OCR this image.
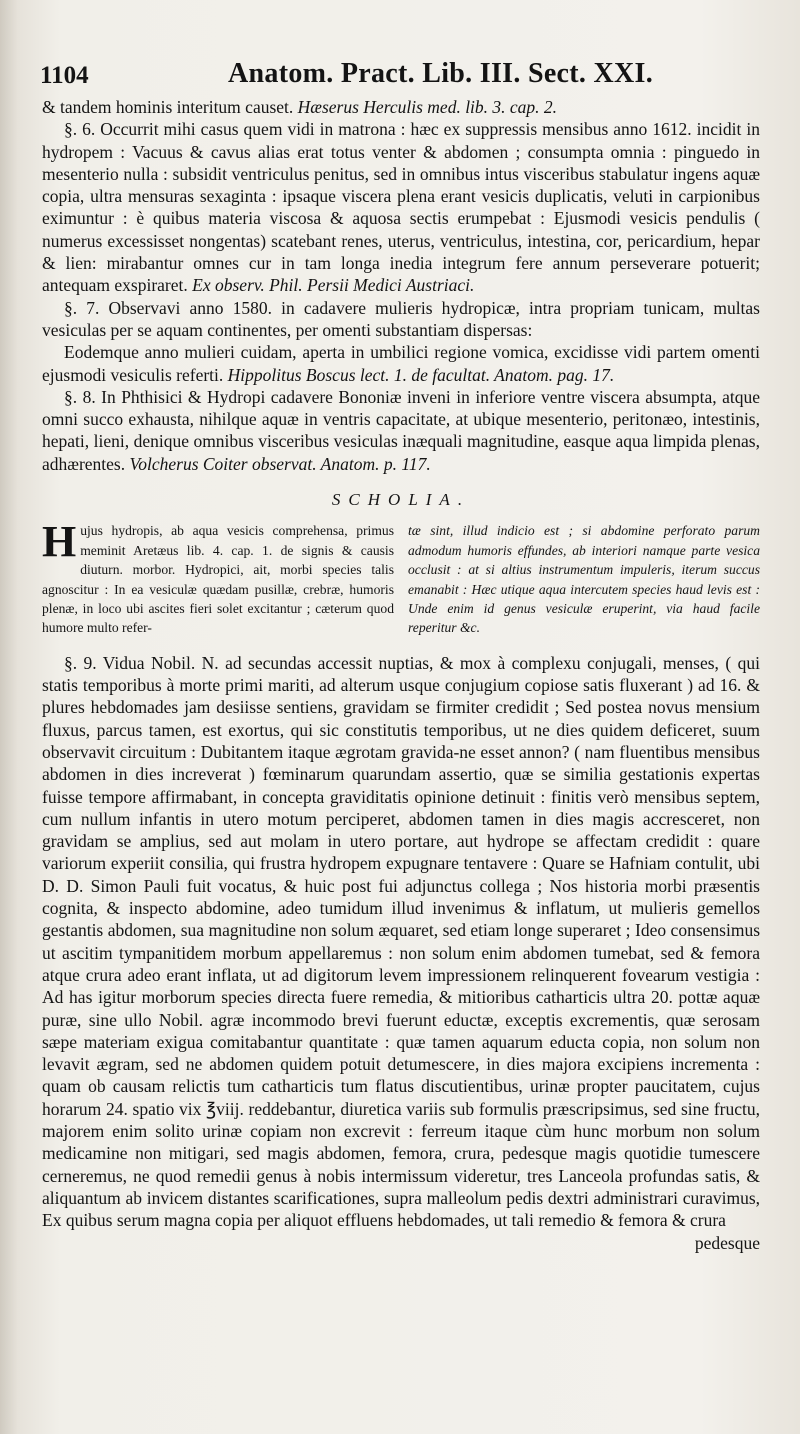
1104	Anatom. Pract. Lib. III. Sect. XXI.

& tandem hominis interitum causet. Hæserus Herculis med. lib. 3. cap. 2.

§. 6. Occurrit mihi casus quem vidi in matrona : hæc ex suppressis mensibus anno 1612. incidit in hydropem : Vacuus & cavus alias erat totus venter & abdomen ; consumpta omnia : pinguedo in mesenterio nulla : subsidit ventriculus penitus, sed in omnibus intus visceribus stabulatur ingens aquæ copia, ultra mensuras sexaginta : ipsaque viscera plena erant vesicis duplicatis, veluti in carpionibus eximuntur : è quibus materia viscosa & aquosa sectis erumpebat : Ejusmodi vesicis pendulis ( numerus excessisset nongentas) scatebant renes, uterus, ventriculus, intestina, cor, pericardium, hepar & lien: mirabantur omnes cur in tam longa inedia integrum fere annum perseverare potuerit; antequam exspiraret. Ex observ. Phil. Persii Medici Austriaci.

§. 7. Observavi anno 1580. in cadavere mulieris hydropicæ, intra propriam tunicam, multas vesiculas per se aquam continentes, per omenti substantiam dispersas:

Eodemque anno mulieri cuidam, aperta in umbilici regione vomica, excidisse vidi partem omenti ejusmodi vesiculis referti. Hippolitus Boscus lect. 1. de facultat. Anatom. pag. 17.

§. 8. In Phthisici & Hydropi cadavere Bononiæ inveni in inferiore ventre viscera absumpta, atque omni succo exhausta, nihilque aquæ in ventris capacitate, at ubique mesenterio, peritonæo, intestinis, hepati, lieni, denique omnibus visceribus vesiculas inæquali magnitudine, easque aqua limpida plenas, adhærentes. Volcherus Coiter observat. Anatom. p. 117.

SCHOLIA.
Hujus hydropis, ab aqua vesicis comprehensa, primus meminit Aretæus lib. 4. cap. 1. de signis & causis diuturn. morbor. Hydropici, ait, morbi species talis agnoscitur : In ea vesiculæ quædam pusillæ, crebræ, humoris plenæ, in loco ubi ascites fieri solet excitantur ; cæterum quod humore multo refer-
tæ sint, illud indicio est ; si abdomine perforato parum admodum humoris effundes, ab interiori namque parte vesica occlusit : at si altius instrumentum impuleris, iterum succus emanabit : Hæc utique aqua intercutem species haud levis est : Unde enim id genus vesiculæ eruperint, via haud facile reperitur &c.

§. 9. Vidua Nobil. N. ad secundas accessit nuptias, & mox à complexu conjugali, menses, ( qui statis temporibus à morte primi mariti, ad alterum usque conjugium copiose satis fluxerant ) ad 16. & plures hebdomades jam desiisse sentiens, gravidam se firmiter credidit ; Sed postea novus mensium fluxus, parcus tamen, est exortus, qui sic constitutis temporibus, ut ne dies quidem deficeret, suum observavit circuitum : Dubitantem itaque ægrotam gravida-ne esset annon? ( nam fluentibus mensibus abdomen in dies increverat ) fœminarum quarundam assertio, quæ se similia gestationis expertas fuisse tempore affirmabant, in concepta graviditatis opinione detinuit : finitis verò mensibus septem, cum nullum infantis in utero motum perciperet, abdomen tamen in dies magis accresceret, non gravidam se amplius, sed aut molam in utero portare, aut hydrope se affectam credidit : quare variorum experiit consilia, qui frustra hydropem expugnare tentavere : Quare se Hafniam contulit, ubi D. D. Simon Pauli fuit vocatus, & huic post fui adjunctus collega ; Nos historia morbi præsentis cognita, & inspecto abdomine, adeo tumidum illud invenimus & inflatum, ut mulieris gemellos gestantis abdomen, sua magnitudine non solum æquaret, sed etiam longe superaret ; Ideo consensimus ut ascitim tympanitidem morbum appellaremus : non solum enim abdomen tumebat, sed & femora atque crura adeo erant inflata, ut ad digitorum levem impressionem relinquerent fovearum vestigia : Ad has igitur morborum species directa fuere remedia, & mitioribus catharticis ultra 20. pottæ aquæ puræ, sine ullo Nobil. agræ incommodo brevi fuerunt eductæ, exceptis excrementis, quæ serosam sæpe materiam exigua comitabantur quantitate : quæ tamen aquarum educta copia, non solum non levavit ægram, sed ne abdomen quidem potuit detumescere, in dies majora excipiens incrementa : quam ob causam relictis tum catharticis tum flatus discutientibus, urinæ propter paucitatem, cujus horarum 24. spatio vix ℥viij. reddebantur, diuretica variis sub formulis præscripsimus, sed sine fructu, majorem enim solito urinæ copiam non excrevit : ferreum itaque cùm hunc morbum non solum medicamine non mitigari, sed magis abdomen, femora, crura, pedesque magis quotidie tumescere cerneremus, ne quod remedii genus à nobis intermissum videretur, tres Lanceola profundas satis, & aliquantum ab invicem distantes scarificationes, supra malleolum pedis dextri administrari curavimus, Ex quibus serum magna copia per aliquot effluens hebdomades, ut tali remedio & femora & crura

pedesque
